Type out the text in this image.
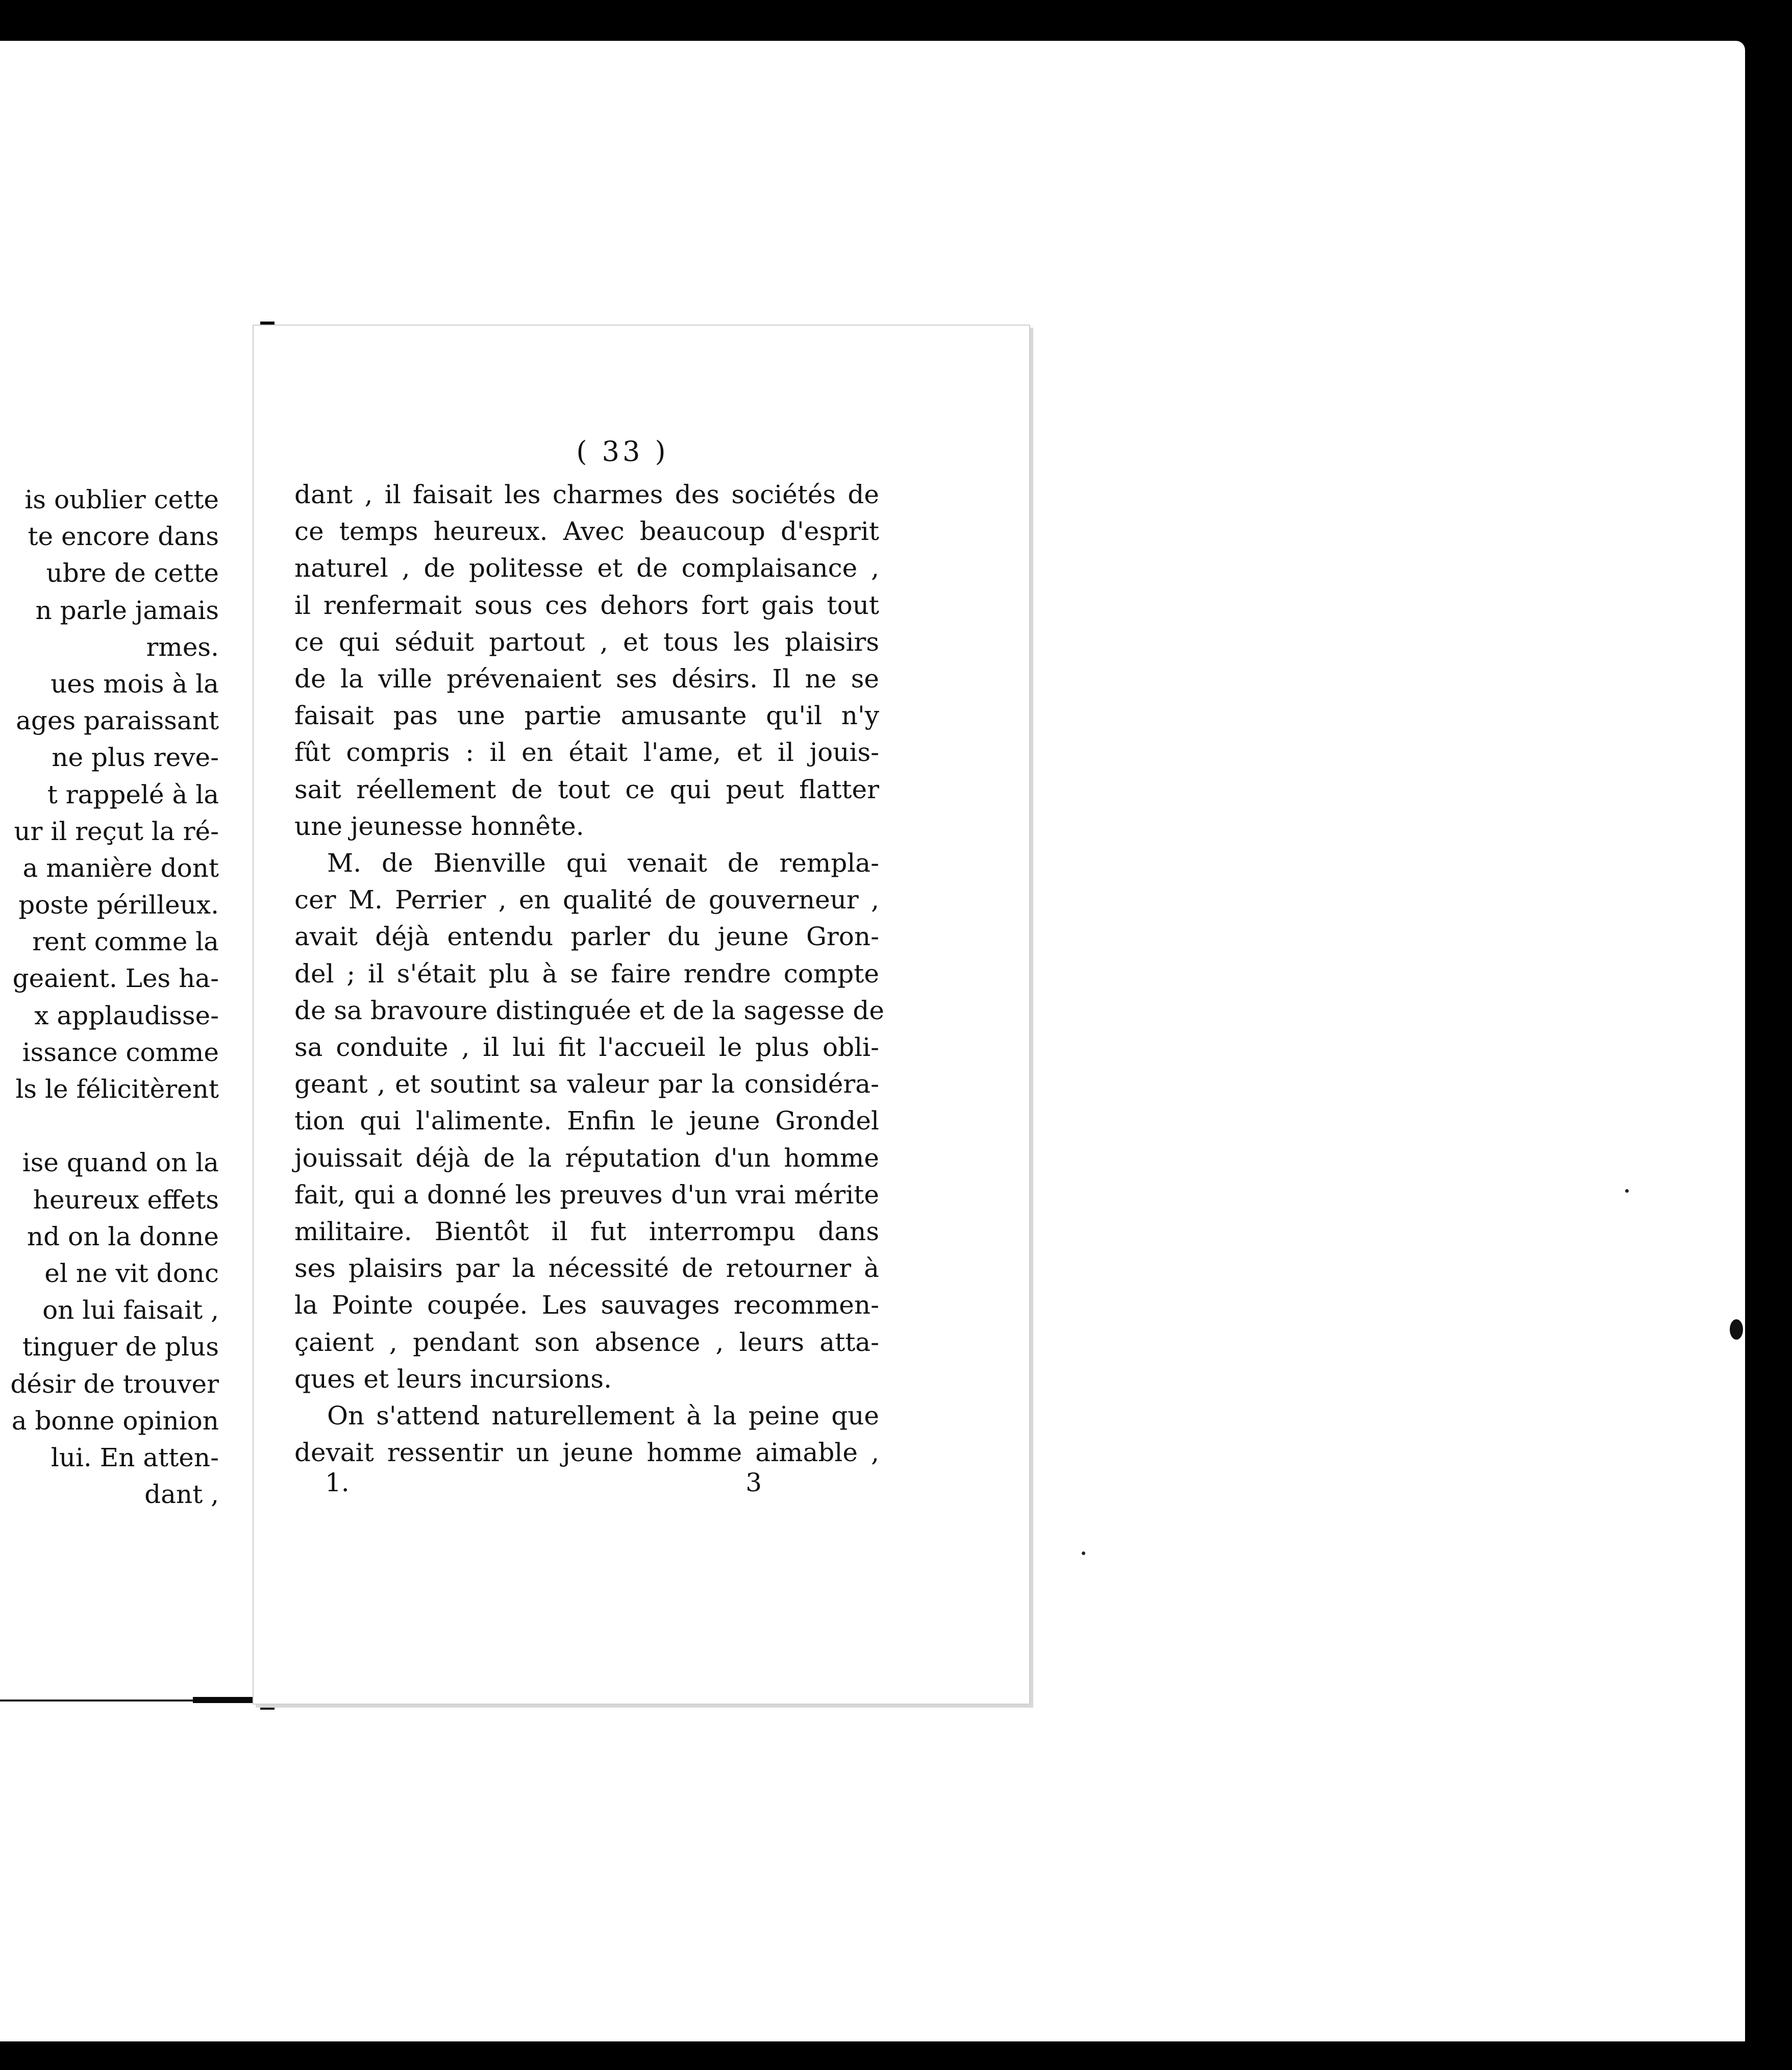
is oublier cette
te encore dans
ubre de cette
n parle jamais
rmes.
ues mois à la
ages paraissant
ne plus reve-
t rappelé à la
ur il reçut la ré-
a manière dont
poste périlleux.
rent comme la
geaient. Les ha-
x applaudisse-
issance comme
ls le félicitèrent
ise quand on la
heureux effets
nd on la donne
el ne vit donc
on lui faisait ,
tinguer de plus
désir de trouver
a bonne opinion
lui. En atten-
dant ,
( 33 )
dant , il faisait les charmes des sociétés de
ce temps heureux. Avec beaucoup d'esprit
naturel , de politesse et de complaisance ,
il renfermait sous ces dehors fort gais tout
ce qui séduit partout , et tous les plaisirs
de la ville prévenaient ses désirs. Il ne se
faisait pas une partie amusante qu'il n'y
fût compris : il en était l'ame, et il jouis-
sait réellement de tout ce qui peut flatter
une jeunesse honnête.
M. de Bienville qui venait de rempla-
cer M. Perrier , en qualité de gouverneur ,
avait déjà entendu parler du jeune Gron-
del ; il s'était plu à se faire rendre compte
de sa bravoure distinguée et de la sagesse de
sa conduite , il lui fit l'accueil le plus obli-
geant , et soutint sa valeur par la considéra-
tion qui l'alimente. Enfin le jeune Grondel
jouissait déjà de la réputation d'un homme
fait, qui a donné les preuves d'un vrai mérite
militaire. Bientôt il fut interrompu dans
ses plaisirs par la nécessité de retourner à
la Pointe coupée. Les sauvages recommen-
çaient , pendant son absence , leurs atta-
ques et leurs incursions.
On s'attend naturellement à la peine que
devait ressentir un jeune homme aimable ,
1.	3
